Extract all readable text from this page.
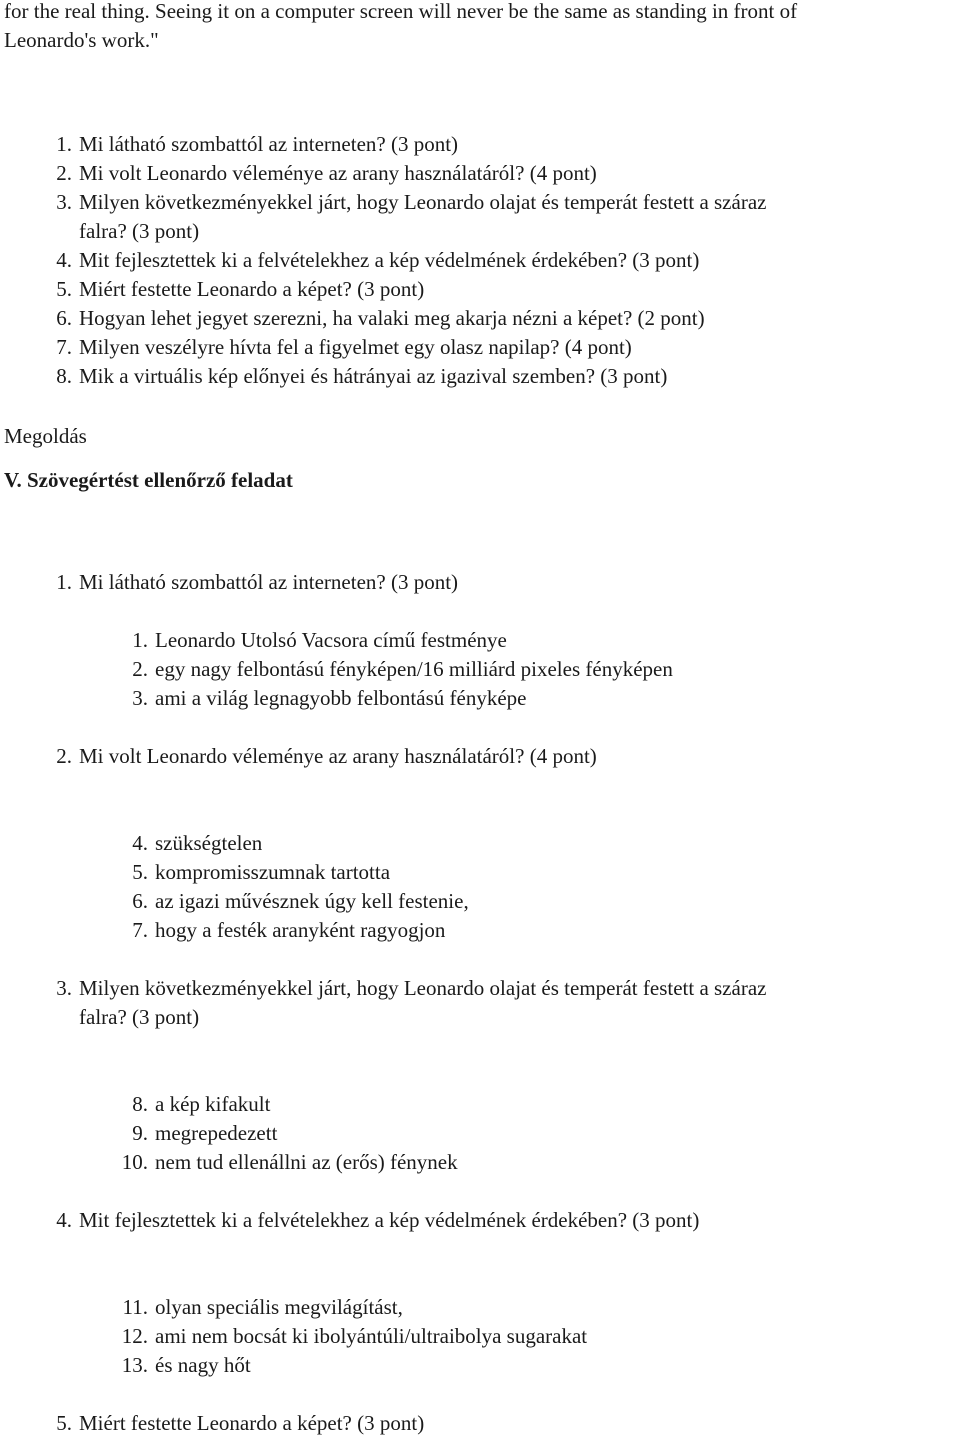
for the real thing. Seeing it on a computer screen will never be the same as standing in front of
Leonardo's work."
1. Mi látható szombattól az interneten? (3 pont)
2. Mi volt Leonardo véleménye az arany használatáról? (4 pont)
3. Milyen következményekkel járt, hogy Leonardo olajat és temperát festett a száraz
falra? (3 pont)
4. Mit fejlesztettek ki a felvételekhez a kép védelmének érdekében? (3 pont)
5. Miért festette Leonardo a képet? (3 pont)
6. Hogyan lehet jegyet szerezni, ha valaki meg akarja nézni a képet? (2 pont)
7. Milyen veszélyre hívta fel a figyelmet egy olasz napilap? (4 pont)
8. Mik a virtuális kép előnyei és hátrányai az igazival szemben? (3 pont)
Megoldás
V. Szövegértést ellenőrző feladat
1. Mi látható szombattól az interneten? (3 pont)
1. Leonardo Utolsó Vacsora című festménye
2. egy nagy felbontású fényképen/16 milliárd pixeles fényképen
3. ami a világ legnagyobb felbontású fényképe
2. Mi volt Leonardo véleménye az arany használatáról? (4 pont)
4. szükségtelen
5. kompromisszumnak tartotta
6. az igazi művésznek úgy kell festenie,
7. hogy a festék aranyként ragyogjon
3. Milyen következményekkel járt, hogy Leonardo olajat és temperát festett a száraz
falra? (3 pont)
8. a kép kifakult
9. megrepedezett
10. nem tud ellenállni az (erős) fénynek
4. Mit fejlesztettek ki a felvételekhez a kép védelmének érdekében? (3 pont)
11. olyan speciális megvilágítást,
12. ami nem bocsát ki ibolyántúli/ultraibolya sugarakat
13. és nagy hőt
5. Miért festette Leonardo a képet? (3 pont)
